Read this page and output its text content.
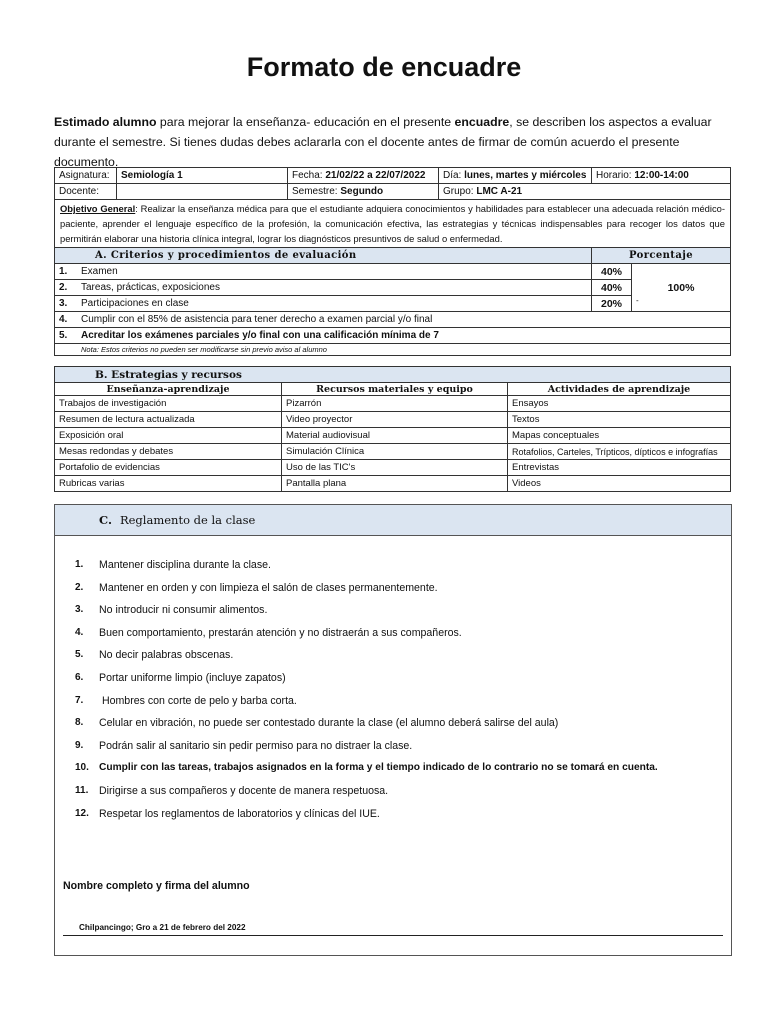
Formato de encuadre
Estimado alumno para mejorar la enseñanza- educación en el presente encuadre, se describen los aspectos a evaluar durante el semestre. Si tienes dudas debes aclararla con el docente antes de firmar de común acuerdo el presente documento.
Asignatura:	Semiología 1	Fecha: 21/02/22 a 22/07/2022	Día: lunes, martes y miércoles	Horario: 12:00-14:00	
Docente:		Semestre: Segundo	Grupo: LMC A-21		
Objetivo General: Realizar la enseñanza médica para que el estudiante adquiera conocimientos y habilidades para establecer una adecuada relación médico-paciente, aprender el lenguaje específico de la profesión, la comunicación efectiva, las estrategias y técnicas indispensables para recoger los datos que permitirán elaborar una historia clínica integral, lograr los diagnósticos presuntivos de salud o enfermedad.					
A. Criterios y procedimientos de evaluación				Porcentaje	
1. Examen				40%	100%
-

2. Tareas, prácticas, exposiciones				40%	
3. Participaciones en clase				20%	
4. Cumplir con el 85% de asistencia para tener derecho a examen parcial y/o final					
5. Acreditar los exámenes parciales y/o final con una calificación mínima de 7					
Nota: Estos criterios no pueden ser modificarse sin previo aviso al alumno					
B. Estrategias y recursos		
Enseñanza-aprendizaje	Recursos materiales y equipo	Actividades de aprendizaje
Trabajos de investigación	Pizarrón	Ensayos
Resumen de lectura actualizada	Video proyector	Textos
Exposición oral	Material audiovisual	Mapas conceptuales
Mesas redondas y debates	Simulación Clínica	Rotafolios, Carteles, Trípticos, dípticos e infografías
Portafolio de evidencias	Uso de las TIC's	Entrevistas
Rubricas varias	Pantalla plana	Videos
C. Reglamento de la clase
1.	Mantener disciplina durante la clase.
2.	Mantener en orden y con limpieza el salón de clases permanentemente.
3.	No introducir ni consumir alimentos.
4.	Buen comportamiento, prestarán atención y no distraerán a sus compañeros.
5.	No decir palabras obscenas.
6.	Portar uniforme limpio (incluye zapatos)
7.	Hombres con corte de pelo y barba corta.
8.	Celular en vibración, no puede ser contestado durante la clase (el alumno deberá salirse del aula)
9.	Podrán salir al sanitario sin pedir permiso para no distraer la clase.
10. Cumplir con las tareas, trabajos asignados en la forma y el tiempo indicado de lo contrario no se tomará en cuenta.
11.	Dirigirse a sus compañeros y docente de manera respetuosa.
12. Respetar los reglamentos de laboratorios y clínicas del IUE.
Nombre completo y firma del alumno
Chilpancingo; Gro a 21 de febrero del 2022
